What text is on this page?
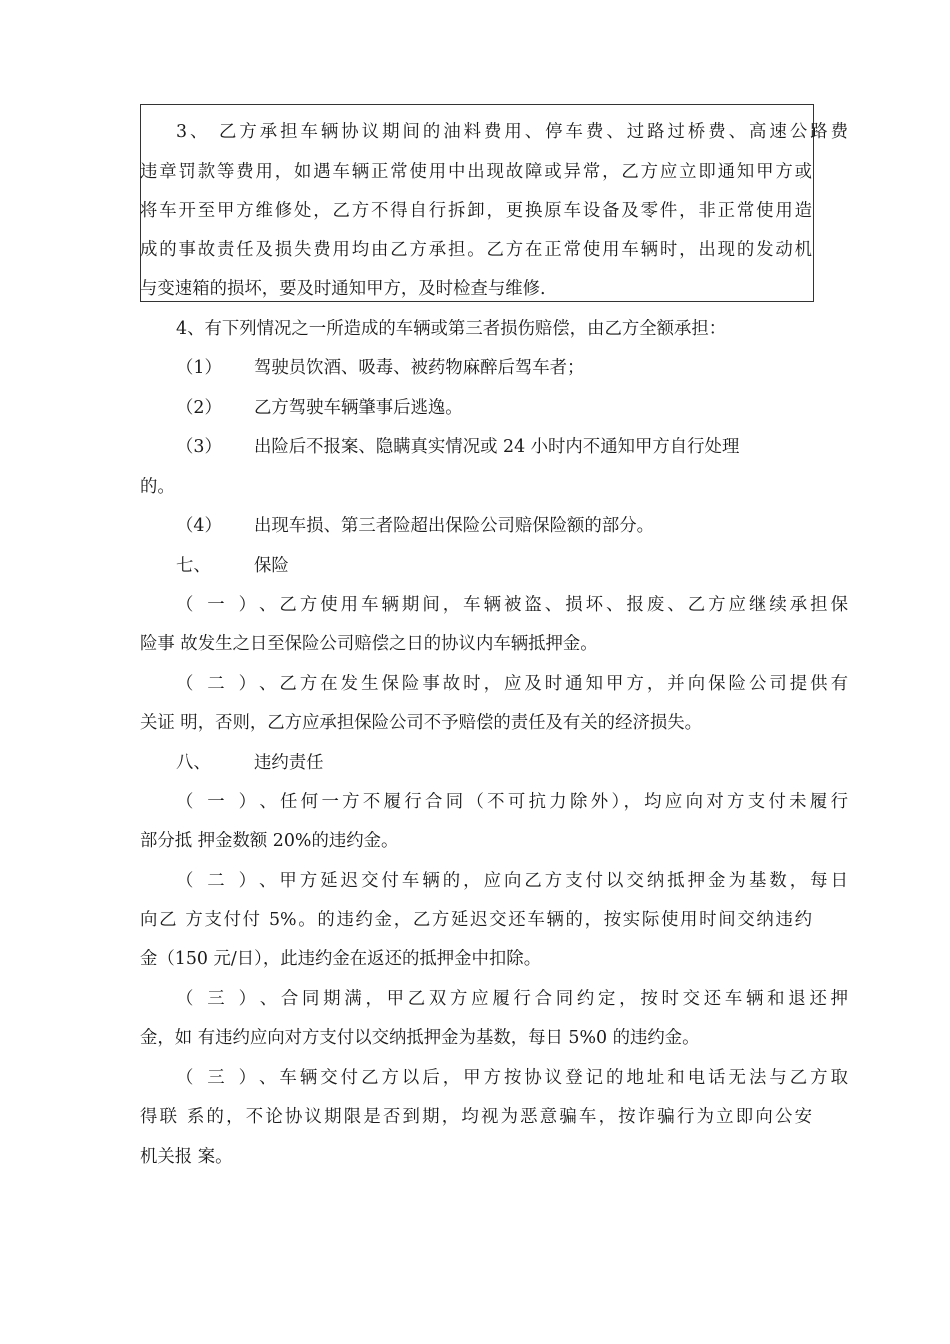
3、 乙方承担车辆协议期间的油料费用、停车费、过路过桥费、高速公路费
违章罚款等费用，如遇车辆正常使用中出现故障或异常，乙方应立即通知甲方或
将车开至甲方维修处，乙方不得自行拆卸，更换原车设备及零件，非正常使用造
成的事故责任及损失费用均由乙方承担。乙方在正常使用车辆时，出现的发动机
与变速箱的损坏，要及时通知甲方，及时检查与维修.
4、有下列情况之一所造成的车辆或第三者损伤赔偿，由乙方全额承担：
（1） 驾驶员饮酒、吸毒、被药物麻醉后驾车者；
（2） 乙方驾驶车辆肇事后逃逸。
（3） 出险后不报案、隐瞒真实情况或 24 小时内不通知甲方自行处理
的。
（4） 出现车损、第三者险超出保险公司赔保险额的部分。
七、 保险
（一）、乙方使用车辆期间，车辆被盗、损坏、报废、乙方应继续承担保
险事 故发生之日至保险公司赔偿之日的协议内车辆抵押金。
（二）、乙方在发生保险事故时，应及时通知甲方，并向保险公司提供有
关证 明，否则，乙方应承担保险公司不予赔偿的责任及有关的经济损失。
八、 违约责任
（一）、任何一方不履行合同（不可抗力除外），均应向对方支付未履行
部分抵 押金数额 20%的违约金。
（二）、甲方延迟交付车辆的，应向乙方支付以交纳抵押金为基数，每日
向乙 方支付付 5%。的违约金，乙方延迟交还车辆的，按实际使用时间交纳违约
金（150 元/日），此违约金在返还的抵押金中扣除。
（三）、合同期满，甲乙双方应履行合同约定，按时交还车辆和退还押
金，如 有违约应向对方支付以交纳抵押金为基数，每日 5%0 的违约金。
（三）、车辆交付乙方以后，甲方按协议登记的地址和电话无法与乙方取
得联 系的，不论协议期限是否到期，均视为恶意骗车，按诈骗行为立即向公安
机关报 案。
